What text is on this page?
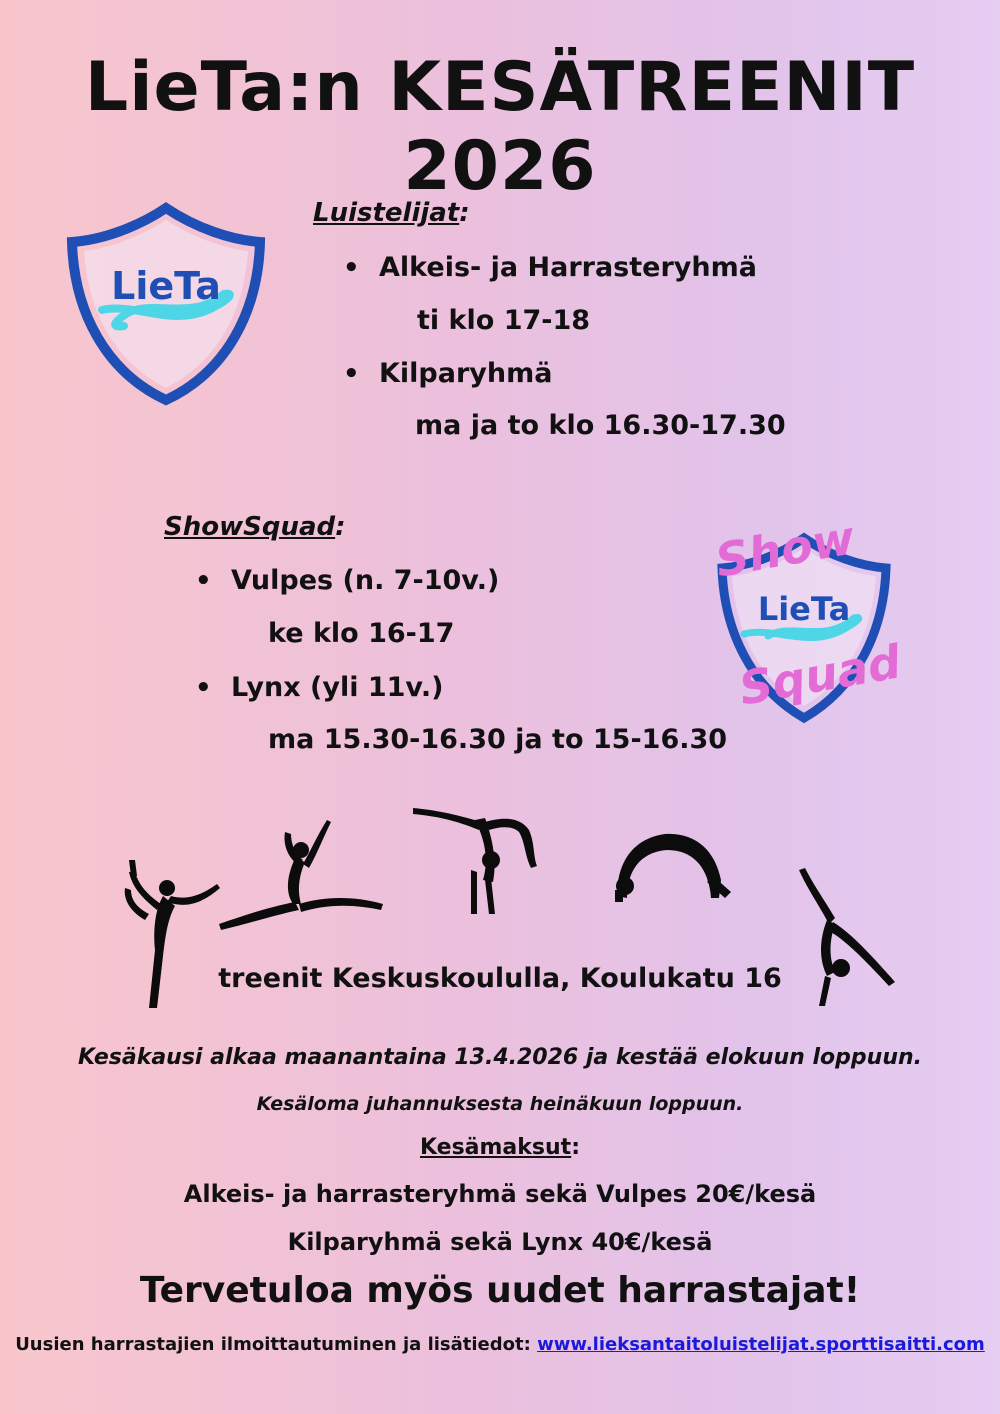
LieTa:n KESÄTREENIT 2026
LieTa
Luistelijat:
• Alkeis- ja Harrasteryhmä
ti klo 17-18
• Kilparyhmä
ma ja to klo 16.30-17.30
ShowSquad:
• Vulpes (n. 7-10v.)
ke klo 16-17
• Lynx (yli 11v.)
ma 15.30-16.30 ja to 15-16.30
Show
LieTa
Squad
treenit Keskuskoululla, Koulukatu 16
Kesäkausi alkaa maanantaina 13.4.2026 ja kestää elokuun loppuun.
Kesäloma juhannuksesta heinäkuun loppuun.
Kesämaksut:
Alkeis- ja harrasteryhmä sekä Vulpes 20€/kesä
Kilparyhmä sekä Lynx 40€/kesä
Tervetuloa myös uudet harrastajat!
Uusien harrastajien ilmoittautuminen ja lisätiedot: www.lieksantaitoluistelijat.sporttisaitti.com
